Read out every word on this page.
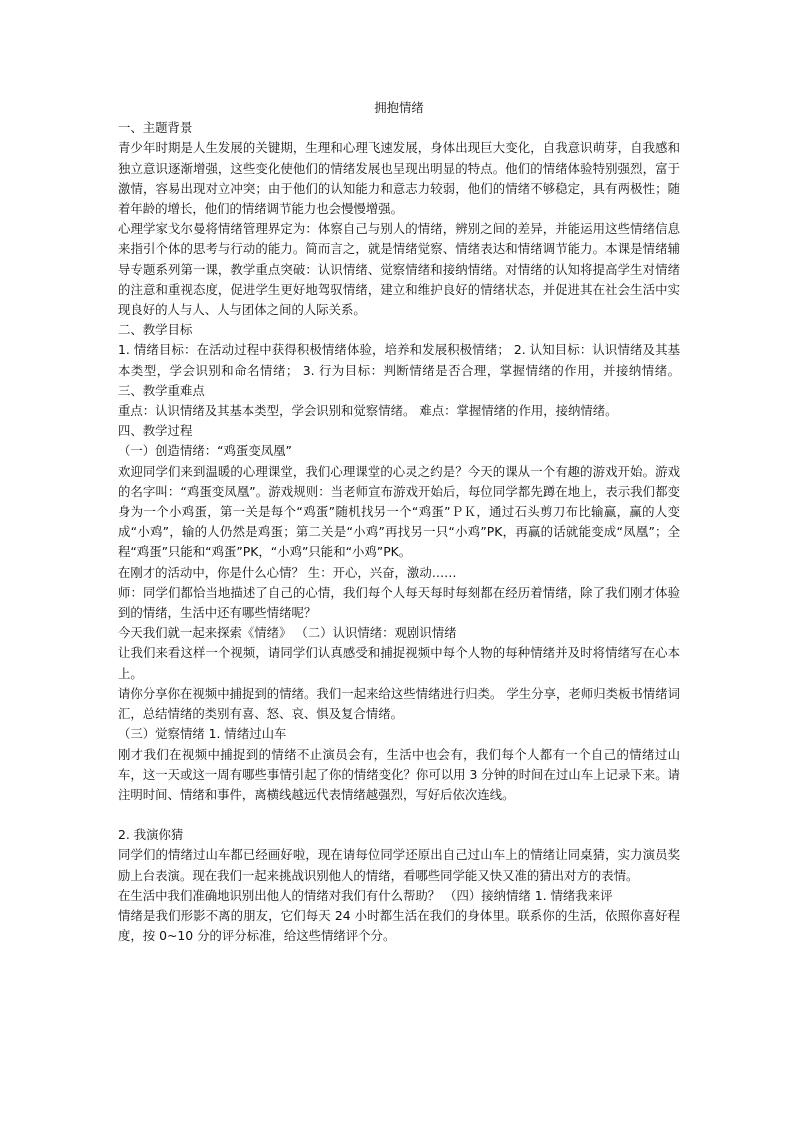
拥抱情绪

一、主题背景

青少年时期是人生发展的关键期，生理和心理飞速发展，身体出现巨大变化，自我意识萌芽，自我感和独立意识逐渐增强，这些变化使他们的情绪发展也呈现出明显的特点。他们的情绪体验特别强烈，富于激情，容易出现对立冲突；由于他们的认知能力和意志力较弱，他们的情绪不够稳定，具有两极性；随着年龄的增长，他们的情绪调节能力也会慢慢增强。

心理学家戈尔曼将情绪管理界定为：体察自己与别人的情绪，辨别之间的差异，并能运用这些情绪信息来指引个体的思考与行动的能力。简而言之，就是情绪觉察、情绪表达和情绪调节能力。本课是情绪辅导专题系列第一课，教学重点突破：认识情绪、觉察情绪和接纳情绪。对情绪的认知将提高学生对情绪的注意和重视态度，促进学生更好地驾驭情绪，建立和维护良好的情绪状态，并促进其在社会生活中实现良好的人与人、人与团体之间的人际关系。

二、教学目标

1. 情绪目标：在活动过程中获得积极情绪体验，培养和发展积极情绪； 2. 认知目标：认识情绪及其基本类型，学会识别和命名情绪； 3. 行为目标：判断情绪是否合理，掌握情绪的作用，并接纳情绪。 三、教学重难点

重点：认识情绪及其基本类型，学会识别和觉察情绪。 难点：掌握情绪的作用，接纳情绪。

四、教学过程

（一）创造情绪：“鸡蛋变凤凰”

欢迎同学们来到温暖的心理课堂，我们心理课堂的心灵之约是？今天的课从一个有趣的游戏开始。游戏的名字叫：“鸡蛋变凤凰”。游戏规则：当老师宣布游戏开始后，每位同学都先蹲在地上，表示我们都变身为一个小鸡蛋，第一关是每个“鸡蛋”随机找另一个“鸡蛋”ＰＫ，通过石头剪刀布比输赢，赢的人变成“小鸡”，输的人仍然是鸡蛋；第二关是“小鸡”再找另一只“小鸡”PK，再赢的话就能变成“凤凰”；全程“鸡蛋”只能和“鸡蛋”PK，“小鸡”只能和“小鸡”PK。

在刚才的活动中，你是什么心情？ 生：开心，兴奋，激动……

师：同学们都恰当地描述了自己的心情，我们每个人每天每时每刻都在经历着情绪，除了我们刚才体验到的情绪，生活中还有哪些情绪呢？

今天我们就一起来探索《情绪》 （二）认识情绪：观剧识情绪

让我们来看这样一个视频，请同学们认真感受和捕捉视频中每个人物的每种情绪并及时将情绪写在心本上。

请你分享你在视频中捕捉到的情绪。我们一起来给这些情绪进行归类。 学生分享，老师归类板书情绪词汇，总结情绪的类别有喜、怒、哀、惧及复合情绪。

（三）觉察情绪 1. 情绪过山车

刚才我们在视频中捕捉到的情绪不止演员会有，生活中也会有，我们每个人都有一个自己的情绪过山车，这一天或这一周有哪些事情引起了你的情绪变化？你可以用 3 分钟的时间在过山车上记录下来。请注明时间、情绪和事件，离横线越远代表情绪越强烈，写好后依次连线。

2. 我演你猜

同学们的情绪过山车都已经画好啦，现在请每位同学还原出自己过山车上的情绪让同桌猜，实力演员奖励上台表演。现在我们一起来挑战识别他人的情绪，看哪些同学能又快又准的猜出对方的表情。

在生活中我们准确地识别出他人的情绪对我们有什么帮助？ （四）接纳情绪 1. 情绪我来评

情绪是我们形影不离的朋友，它们每天 24 小时都生活在我们的身体里。联系你的生活，依照你喜好程度，按 0~10 分的评分标准，给这些情绪评个分。
